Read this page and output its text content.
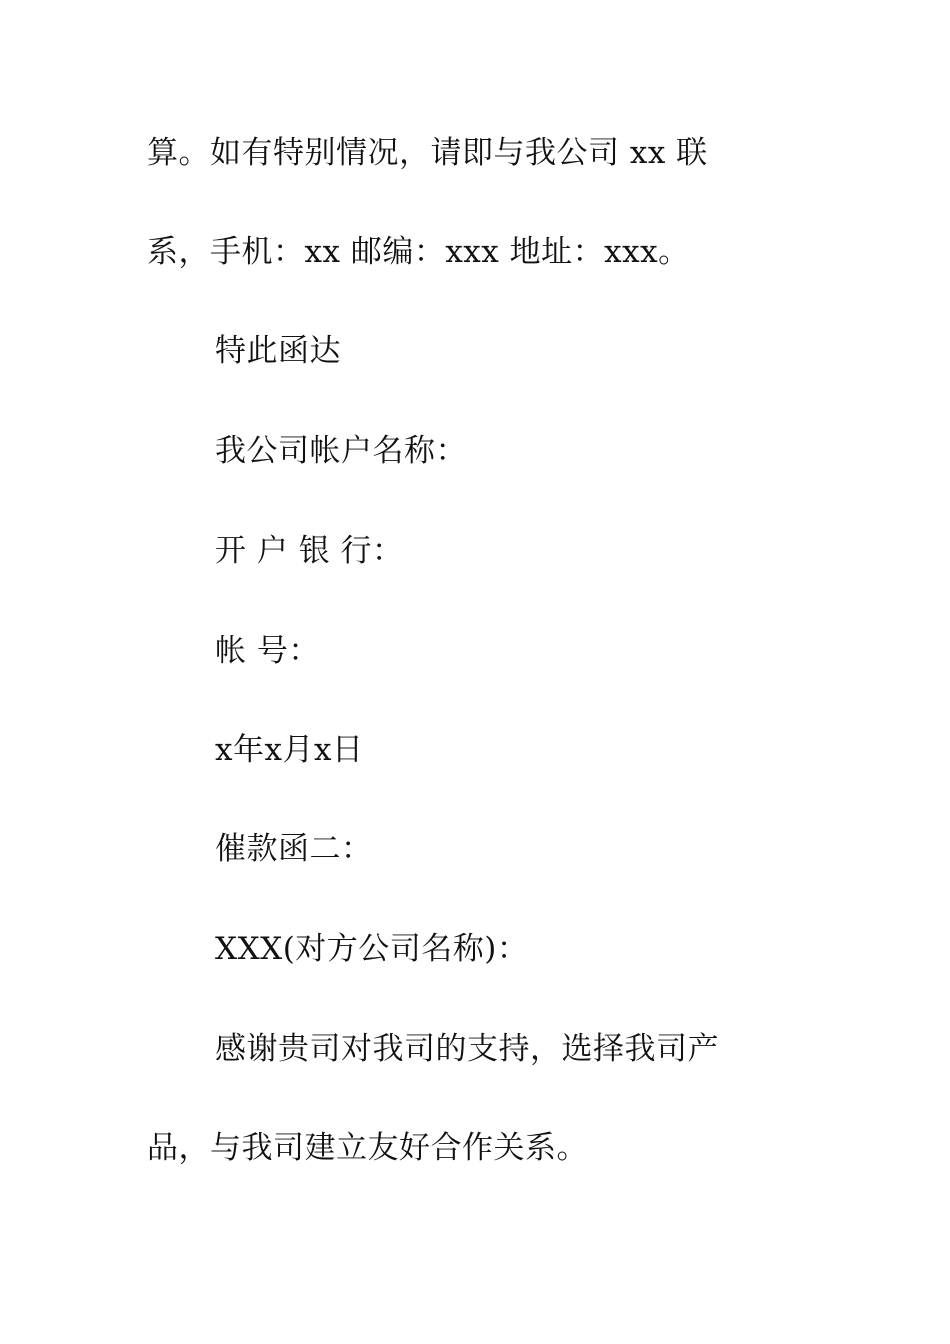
算。如有特别情况，请即与我公司 xx 联
系，手机：xx 邮编：xxx 地址：xxx。
特此函达
我公司帐户名称：
开 户 银 行：
帐 号：
x年x月x日
催款函二：
XXX(对方公司名称)：
感谢贵司对我司的支持，选择我司产
品，与我司建立友好合作关系。
